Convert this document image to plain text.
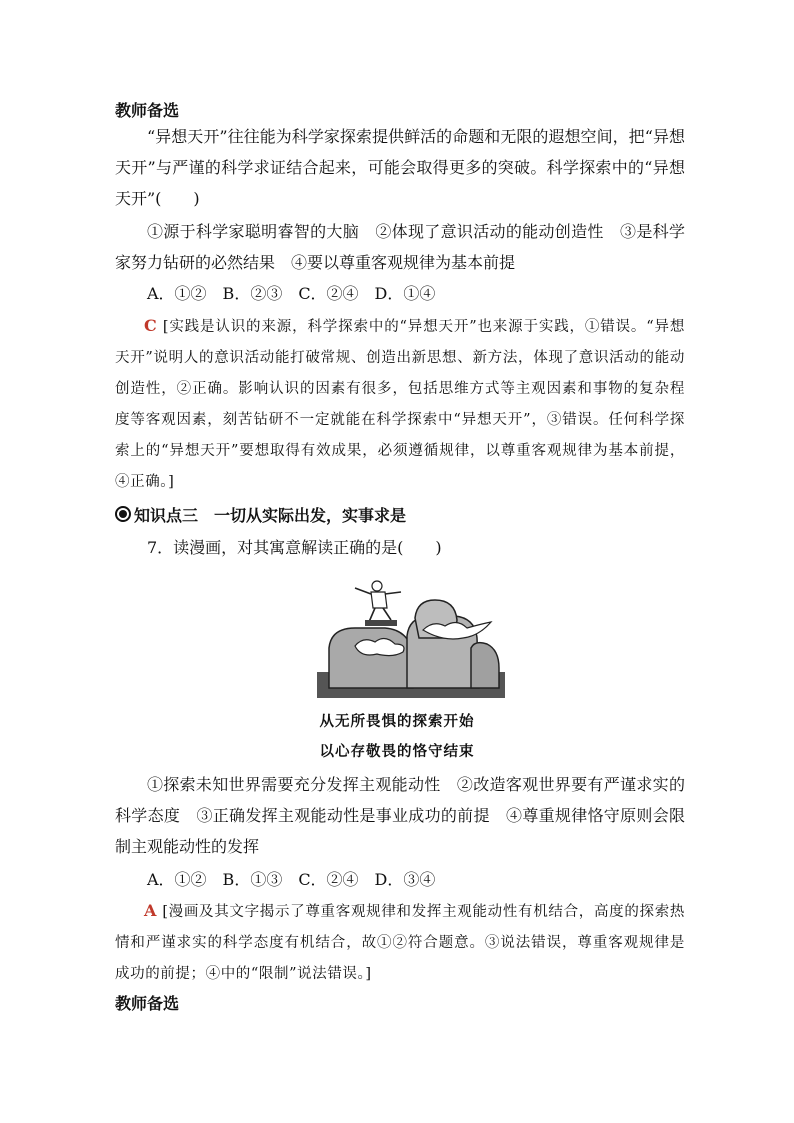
教师备选
“异想天开”往往能为科学家探索提供鲜活的命题和无限的遐想空间，把“异想天开”与严谨的科学求证结合起来，可能会取得更多的突破。科学探索中的“异想天开”(　　)
①源于科学家聪明睿智的大脑　②体现了意识活动的能动创造性　③是科学家努力钻研的必然结果　④要以尊重客观规律为基本前提
A．①②　B．②③　C．②④　D．①④
C [实践是认识的来源，科学探索中的“异想天开”也来源于实践，①错误。“异想天开”说明人的意识活动能打破常规、创造出新思想、新方法，体现了意识活动的能动创造性，②正确。影响认识的因素有很多，包括思维方式等主观因素和事物的复杂程度等客观因素，刻苦钻研不一定就能在科学探索中“异想天开”，③错误。任何科学探索上的“异想天开”要想取得有效成果，必须遵循规律，以尊重客观规律为基本前提，④正确。]
知识点三　一切从实际出发，实事求是
7．读漫画，对其寓意解读正确的是(　　)
从无所畏惧的探索开始
以心存敬畏的恪守结束
①探索未知世界需要充分发挥主观能动性　②改造客观世界要有严谨求实的科学态度　③正确发挥主观能动性是事业成功的前提　④尊重规律恪守原则会限制主观能动性的发挥
A．①②　B．①③　C．②④　D．③④
A [漫画及其文字揭示了尊重客观规律和发挥主观能动性有机结合，高度的探索热情和严谨求实的科学态度有机结合，故①②符合题意。③说法错误，尊重客观规律是成功的前提；④中的“限制”说法错误。]
教师备选
